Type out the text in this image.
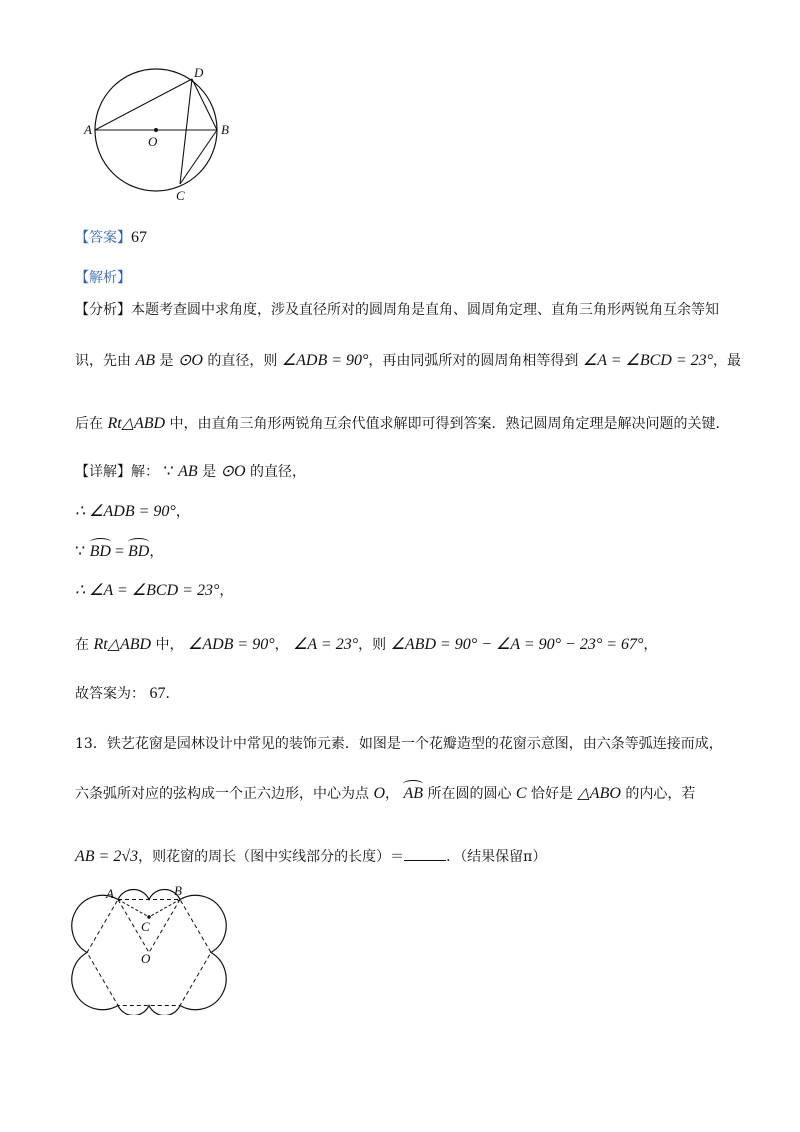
A	B
D
C
O
【答案】67
【解析】
【分析】本题考查圆中求角度，涉及直径所对的圆周角是直角、圆周角定理、直角三角形两锐角互余等知
识，先由 AB 是 ⊙O 的直径，则 ∠ADB = 90°，再由同弧所对的圆周角相等得到 ∠A = ∠BCD = 23°，最
后在 Rt△ABD 中，由直角三角形两锐角互余代值求解即可得到答案．熟记圆周角定理是解决问题的关键．
【详解】解： ∵ AB 是 ⊙O 的直径，
∴ ∠ADB = 90°，
∵ BD = BD，
∴ ∠A = ∠BCD = 23°，
在 Rt△ABD 中， ∠ADB = 90°， ∠A = 23°，则 ∠ABD = 90° − ∠A = 90° − 23° = 67°，
故答案为： 67．
13．铁艺花窗是园林设计中常见的装饰元素．如图是一个花瓣造型的花窗示意图，由六条等弧连接而成，
六条弧所对应的弦构成一个正六边形，中心为点 O， AB 所在圆的圆心 C 恰好是 △ABO 的内心，若
AB = 2√3，则花窗的周长（图中实线部分的长度）＝	．（结果保留π）
A	B
C
O
